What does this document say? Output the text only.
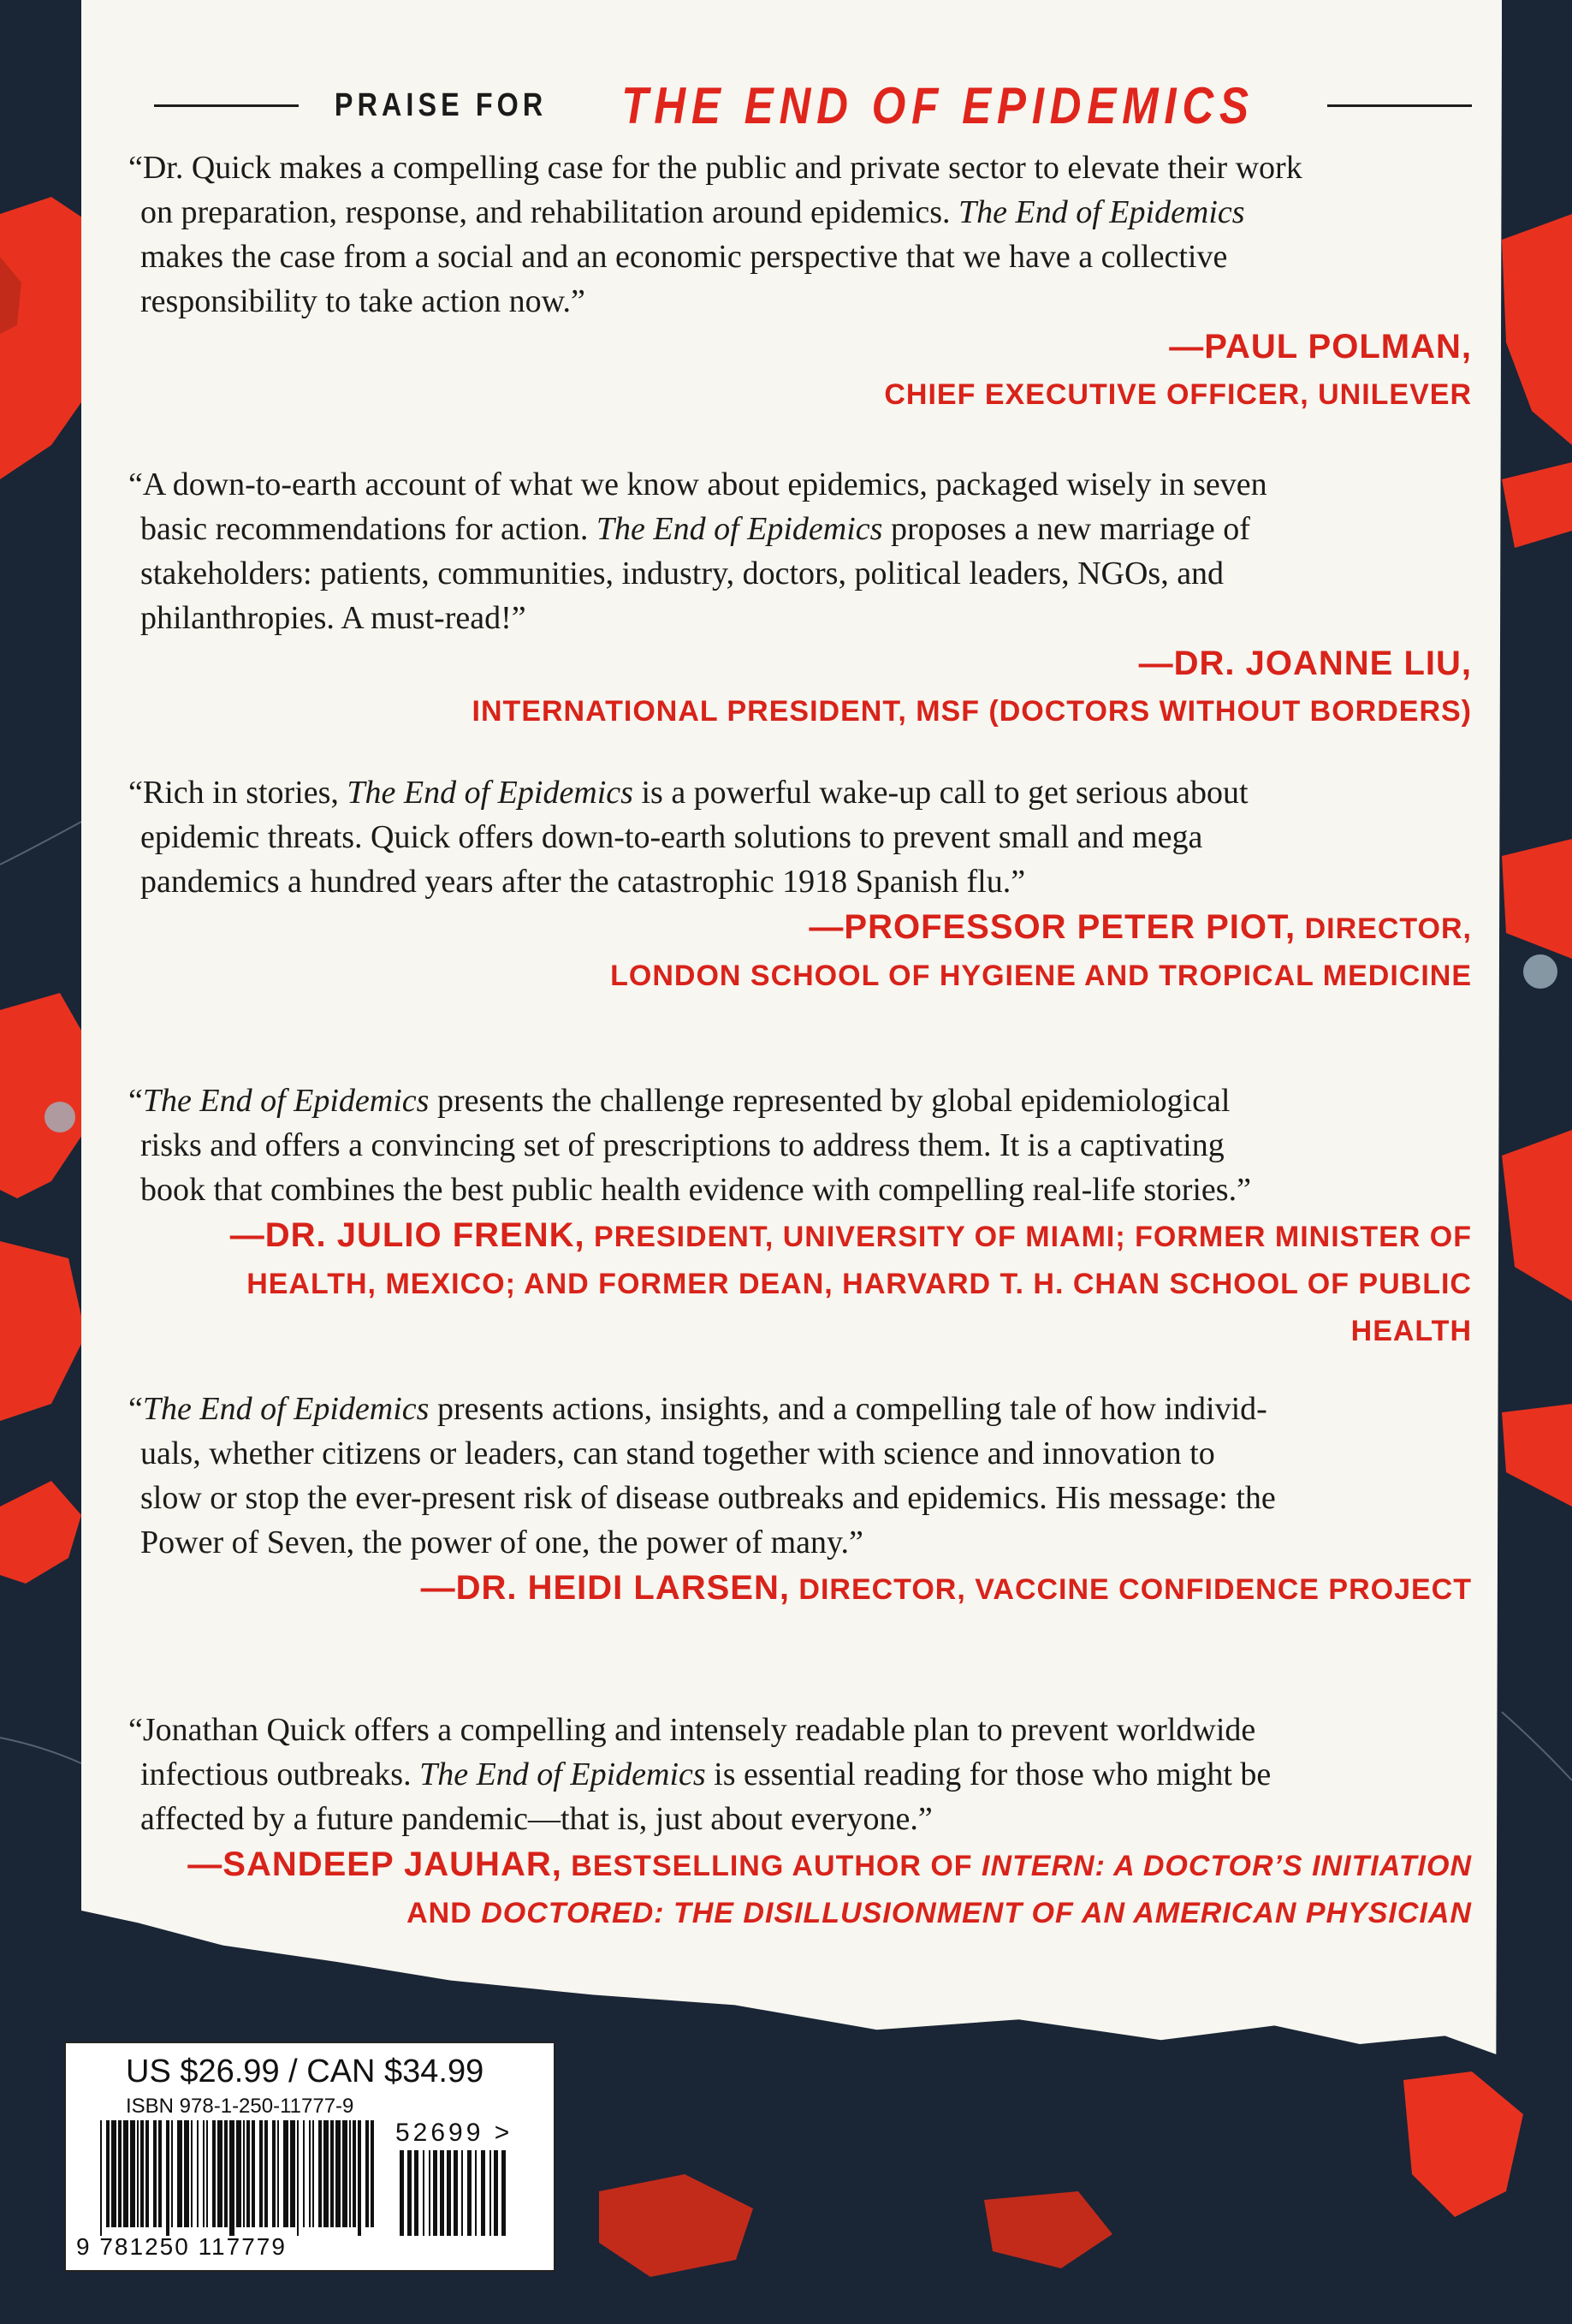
PRAISE FOR THE END OF EPIDEMICS

“Dr. Quick makes a compelling case for the public and private sector to elevate their work
on preparation, response, and rehabilitation around epidemics. The End of Epidemics
makes the case from a social and an economic perspective that we have a collective
responsibility to take action now.”

—PAUL POLMAN,
CHIEF EXECUTIVE OFFICER, UNILEVER

“A down-to-earth account of what we know about epidemics, packaged wisely in seven
basic recommendations for action. The End of Epidemics proposes a new marriage of
stakeholders: patients, communities, industry, doctors, political leaders, NGOs, and
philanthropies. A must-read!”

—DR. JOANNE LIU,
INTERNATIONAL PRESIDENT, MSF (DOCTORS WITHOUT BORDERS)

“Rich in stories, The End of Epidemics is a powerful wake-up call to get serious about
epidemic threats. Quick offers down-to-earth solutions to prevent small and mega
pandemics a hundred years after the catastrophic 1918 Spanish flu.”

—PROFESSOR PETER PIOT, DIRECTOR,
LONDON SCHOOL OF HYGIENE AND TROPICAL MEDICINE

“The End of Epidemics presents the challenge represented by global epidemiological
risks and offers a convincing set of prescriptions to address them. It is a captivating
book that combines the best public health evidence with compelling real-life stories.”

—DR. JULIO FRENK, PRESIDENT, UNIVERSITY OF MIAMI; FORMER MINISTER OF
HEALTH, MEXICO; AND FORMER DEAN, HARVARD T. H. CHAN SCHOOL OF PUBLIC HEALTH

“The End of Epidemics presents actions, insights, and a compelling tale of how individ-
uals, whether citizens or leaders, can stand together with science and innovation to
slow or stop the ever-present risk of disease outbreaks and epidemics. His message: the
Power of Seven, the power of one, the power of many.”

—DR. HEIDI LARSEN, DIRECTOR, VACCINE CONFIDENCE PROJECT

“Jonathan Quick offers a compelling and intensely readable plan to prevent worldwide
infectious outbreaks. The End of Epidemics is essential reading for those who might be
affected by a future pandemic—that is, just about everyone.”

—SANDEEP JAUHAR, BESTSELLING AUTHOR OF INTERN: A DOCTOR’S INITIATION
AND DOCTORED: THE DISILLUSIONMENT OF AN AMERICAN PHYSICIAN
US $26.99 / CAN $34.99
ISBN 978-1-250-11777-9
52699 >
9 781250 117779
